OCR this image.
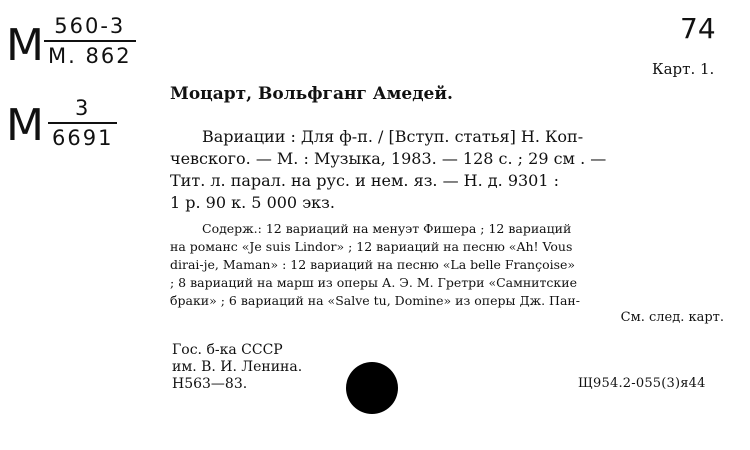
М 560-3
М. 862
М $\frac{3}{6691}$
74
Карт. 1.
Моцарт, Вольфганг Амедей.
Вариации : Для ф-п. / [Вступ. статья] Н. Коп-
чевского. — М. : Музыка, 1983. — 128 с. ; 29 см . —
Тит. л. парал. на рус. и нем. яз. — Н. д. 9301 :
1 р. 90 к. 5 000 экз.
Содерж.: 12 вариаций на менуэт Фишера ; 12 вариаций
на романс «Je suis Lindor» ; 12 вариаций на песню «Ah! Vous
dirai-je, Maman» : 12 вариаций на песню «La belle Françoise»
; 8 вариаций на марш из оперы А. Э. М. Гретри «Самнитские
браки» ; 6 вариаций на «Salve tu, Domine» из оперы Дж. Пан-
См. след. карт.
Гос. б-ка СССР
им. В. И. Ленина.
Н563—83.	Щ954.2-055(3)я44
